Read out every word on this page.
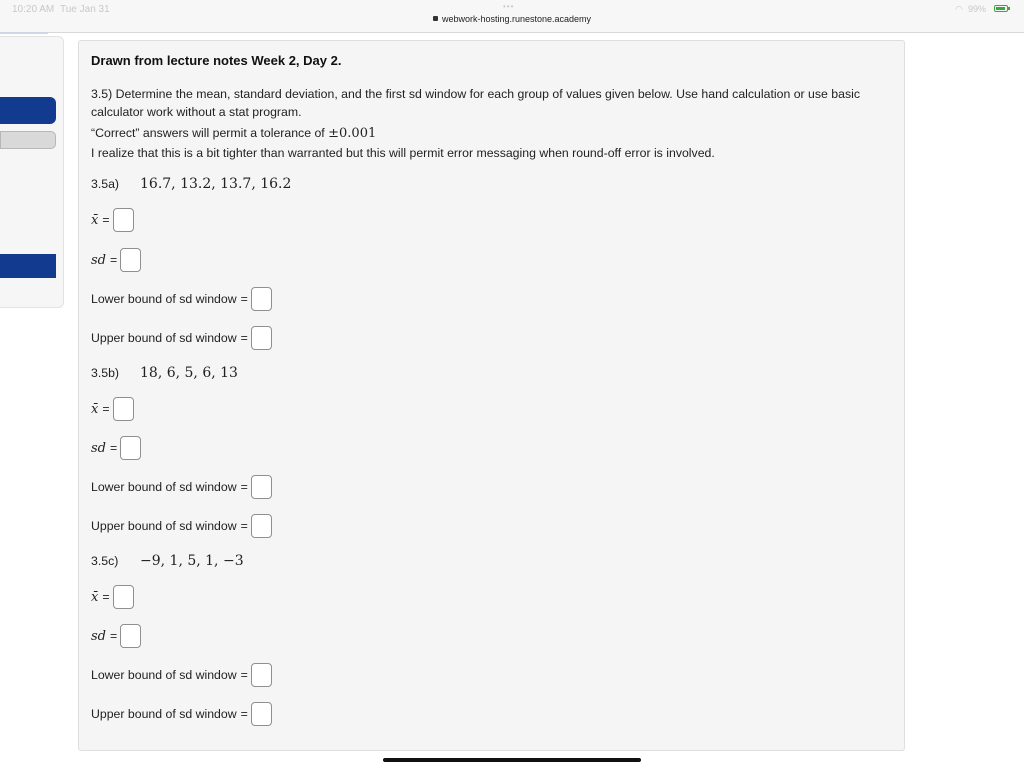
10:20 AM Tue Jan 31	•••
webwork-hosting.runestone.academy
◠ 99%
Drawn from lecture notes Week 2, Day 2.
3.5) Determine the mean, standard deviation, and the first sd window for each group of values given below. Use hand calculation or use basic calculator work without a stat program.
“Correct” answers will permit a tolerance of ±0.001
I realize that this is a bit tighter than warranted but this will permit error messaging when round-off error is involved.
3.5a) 16.7, 13.2, 13.7, 16.2
x̄ =
sd =
Lower bound of sd window =
Upper bound of sd window =
3.5b) 18, 6, 5, 6, 13
x̄ =
sd =
Lower bound of sd window =
Upper bound of sd window =
3.5c) −9, 1, 5, 1, −3
x̄ =
sd =
Lower bound of sd window =
Upper bound of sd window =
